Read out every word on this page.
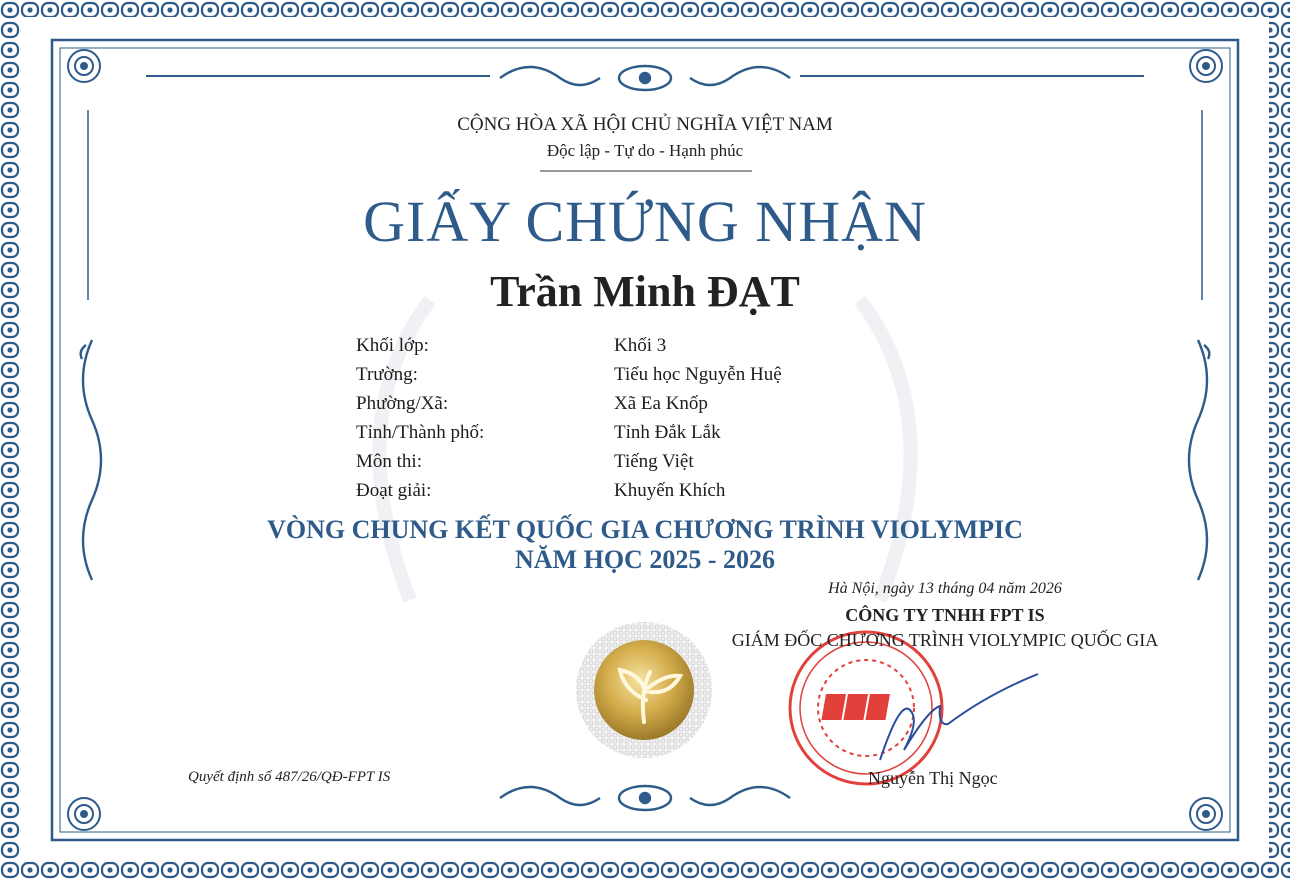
CỘNG HÒA XÃ HỘI CHỦ NGHĨA VIỆT NAM
Độc lập - Tự do - Hạnh phúc
GIẤY CHỨNG NHẬN
Trần Minh ĐẠT
Khối lớp:	Khối 3
Trường:	Tiểu học Nguyễn Huệ
Phường/Xã:	Xã Ea Knốp
Tỉnh/Thành phố:	Tỉnh Đắk Lắk
Môn thi:	Tiếng Việt
Đoạt giải:	Khuyến Khích
VÒNG CHUNG KẾT QUỐC GIA CHƯƠNG TRÌNH VIOLYMPIC
NĂM HỌC 2025 - 2026
Hà Nội, ngày 13 tháng 04 năm 2026
CÔNG TY TNHH FPT IS
GIÁM ĐỐC CHƯƠNG TRÌNH VIOLYMPIC QUỐC GIA
Nguyễn Thị Ngọc
Quyết định số 487/26/QĐ-FPT IS
